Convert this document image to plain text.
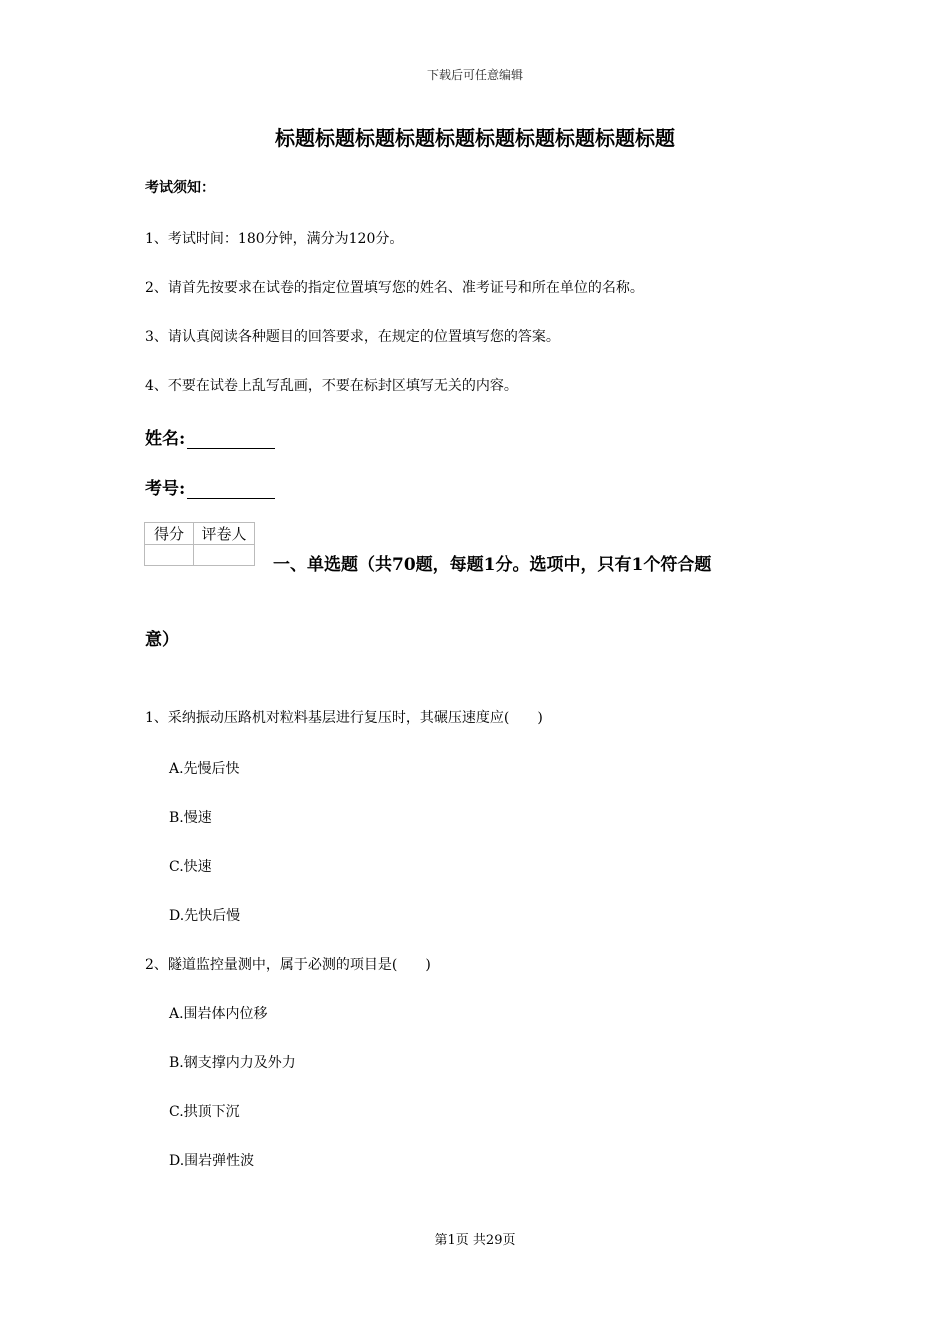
下载后可任意编辑
标题标题标题标题标题标题标题标题标题标题
考试须知：
1、考试时间：180分钟，满分为120分。
2、请首先按要求在试卷的指定位置填写您的姓名、准考证号和所在单位的名称。
3、请认真阅读各种题目的回答要求，在规定的位置填写您的答案。
4、不要在试卷上乱写乱画，不要在标封区填写无关的内容。
姓名:
考号:
得分	评卷人

一、单选题（共70题，每题1分。选项中，只有1个符合题
意）
1、采纳振动压路机对粒料基层进行复压时，其碾压速度应(　　)
A.先慢后快
B.慢速
C.快速
D.先快后慢
2、隧道监控量测中，属于必测的项目是(　　)
A.围岩体内位移
B.钢支撑内力及外力
C.拱顶下沉
D.围岩弹性波
第1页 共29页
